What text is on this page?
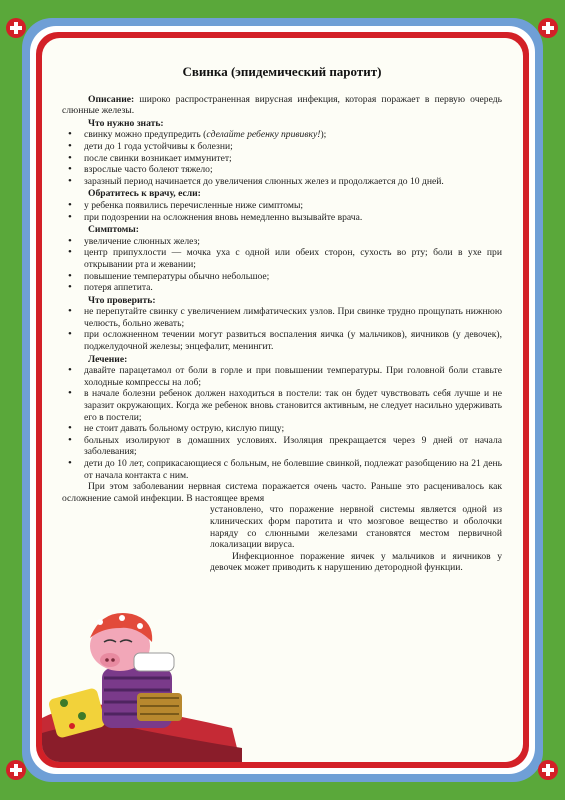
Свинка (эпидемический паротит)

Описание: широко распространенная вирусная инфекция, которая поражает в первую очередь слюнные железы.

Что нужно знать:
• свинку можно предупредить (сделайте ребенку прививку!);
• дети до 1 года устойчивы к болезни;
• после свинки возникает иммунитет;
• взрослые часто болеют тяжело;
• заразный период начинается до увеличения слюнных желез и продолжается до 10 дней.
Обратитесь к врачу, если:
• у ребенка появились перечисленные ниже симптомы;
• при подозрении на осложнения вновь немедленно вызывайте врача.
Симптомы:
• увеличение слюнных желез;
• центр припухлости — мочка уха с одной или обеих сторон, сухость во рту; боли в ухе при открывании рта и жевании;
• повышение температуры обычно небольшое;
• потеря аппетита.
Что проверить:
• не перепутайте свинку с увеличением лимфатических узлов. При свинке трудно прощупать нижнюю челюсть, больно жевать;
• при осложненном течении могут развиться воспаления яичка (у мальчиков), яичников (у девочек), поджелудочной железы; энцефалит, менингит.
Лечение:
• давайте парацетамол от боли в горле и при повышении температуры. При головной боли ставьте холодные компрессы на лоб;
• в начале болезни ребенок должен находиться в постели: так он будет чувствовать себя лучше и не заразит окружающих. Когда же ребенок вновь становится активным, не следует насильно удерживать его в постели;
• не стоит давать больному острую, кислую пищу;
• больных изолируют в домашних условиях. Изоляция прекращается через 9 дней от начала заболевания;
• дети до 10 лет, соприкасающиеся с больным, не болевшие свинкой, подлежат разобщению на 21 день от начала контакта с ним.

При этом заболевании нервная система поражается очень часто. Раньше это расценивалось как осложнение самой инфекции. В настоящее время

установлено, что поражение нервной системы является одной из клинических форм паротита и что мозговое вещество и оболочки наряду со слюнными железами становятся местом первичной локализации вируса.

Инфекционное поражение яичек у мальчиков и яичников у девочек может приводить к нарушению детородной функции.
